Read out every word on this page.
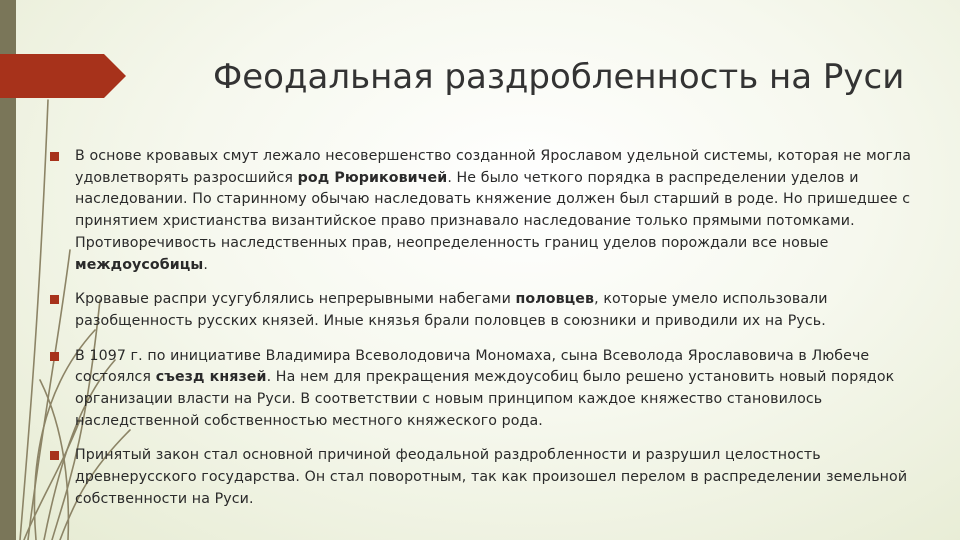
Феодальная раздробленность на Руси
В основе кровавых смут лежало несовершенство созданной Ярославом удельной системы, которая не могла удовлетворять разросшийся род Рюриковичей. Не было четкого порядка в распределении уделов и наследовании. По старинному обычаю наследовать княжение должен был старший в роде. Но пришедшее с принятием христианства византийское право признавало наследование только прямыми потомками. Противоречивость наследственных прав, неопределенность границ уделов порождали все новые междоусобицы.
Кровавые распри усугублялись непрерывными набегами половцев, которые умело использовали разобщенность русских князей. Иные князья брали половцев в союзники и приводили их на Русь.
В 1097 г. по инициативе Владимира Всеволодовича Мономаха, сына Всеволода Ярославовича в Любече состоялся съезд князей. На нем для прекращения междоусобиц было решено установить новый порядок организации власти на Руси. В соответствии с новым принципом каждое княжество становилось наследственной собственностью местного княжеского рода.
Принятый закон стал основной причиной феодальной раздробленности и разрушил целостность древнерусского государства. Он стал поворотным, так как произошел перелом в распределении земельной собственности на Руси.
